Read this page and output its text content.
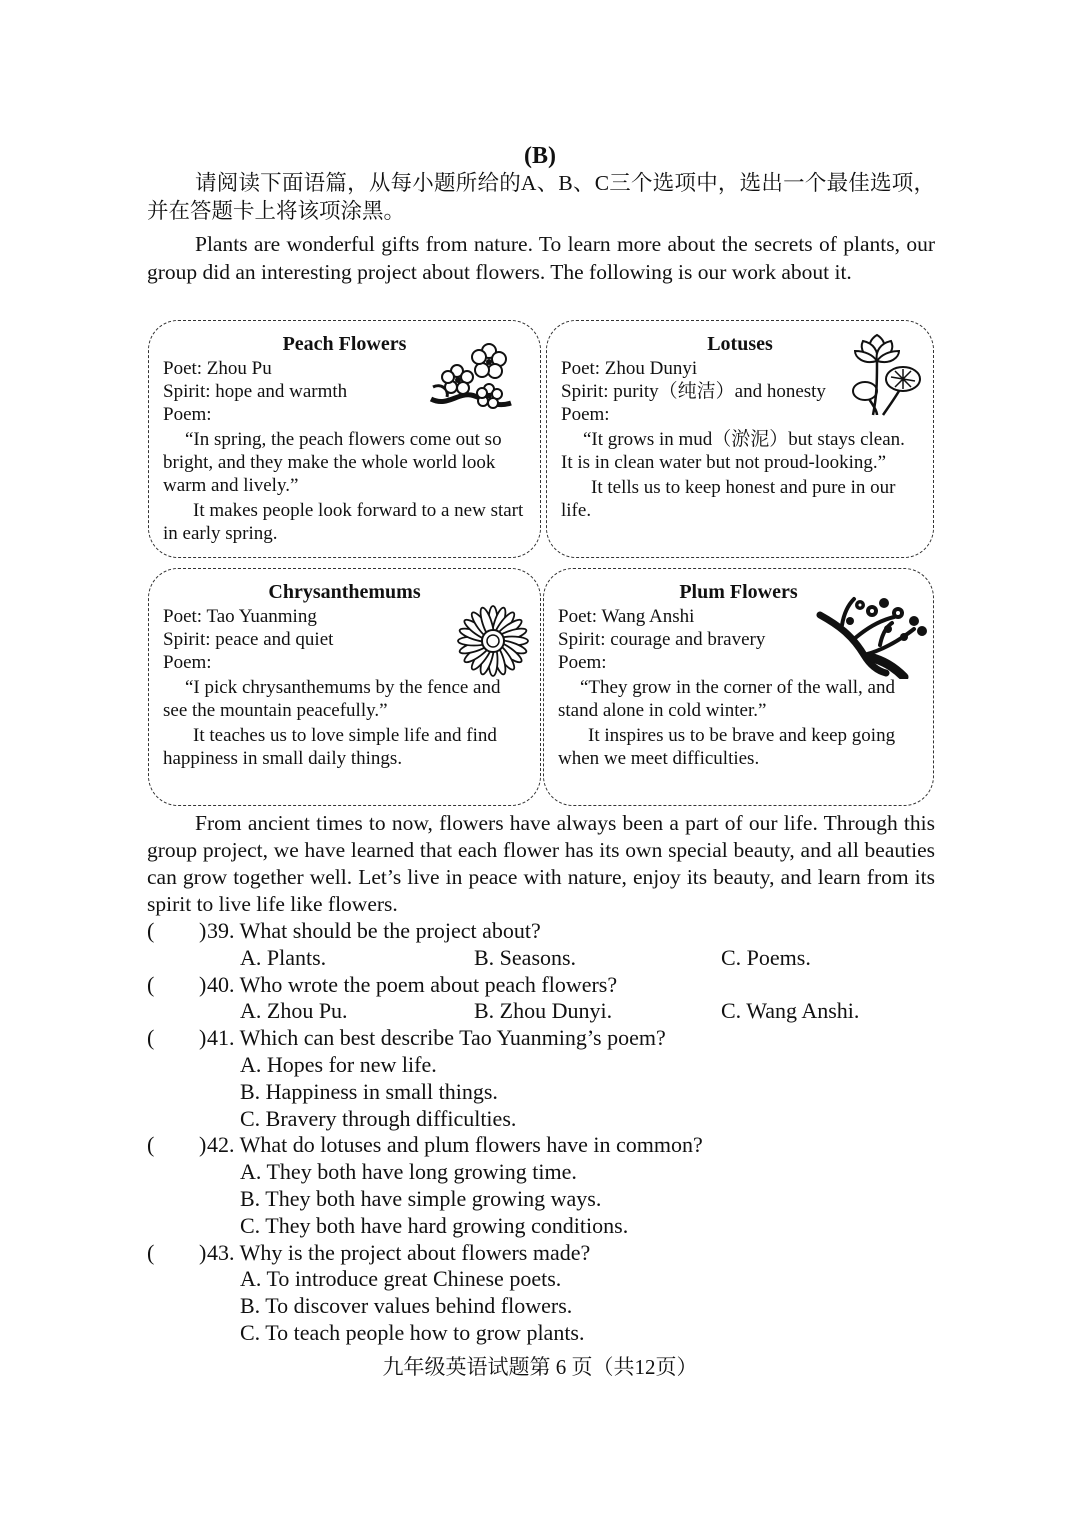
(B)
请阅读下面语篇，从每小题所给的A、B、C三个选项中，选出一个最佳选项，并在答题卡上将该项涂黑。
Plants are wonderful gifts from nature. To learn more about the secrets of plants, our group did an interesting project about flowers. The following is our work about it.
Peach Flowers
Poet: Zhou Pu
Spirit: hope and warmth
Poem:
“In spring, the peach flowers come out so bright, and they make the whole world look warm and lively.”
It makes people look forward to a new start in early spring.
Lotuses
Poet: Zhou Dunyi
Spirit: purity（纯洁）and honesty
Poem:
“It grows in mud（淤泥）but stays clean. It is in clean water but not proud-looking.”
It tells us to keep honest and pure in our life.
Chrysanthemums
Poet: Tao Yuanming
Spirit: peace and quiet
Poem:
“I pick chrysanthemums by the fence and see the mountain peacefully.”
It teaches us to love simple life and find happiness in small daily things.
Plum Flowers
Poet: Wang Anshi
Spirit: courage and bravery
Poem:
“They grow in the corner of the wall, and stand alone in cold winter.”
It inspires us to be brave and keep going when we meet difficulties.
From ancient times to now, flowers have always been a part of our life. Through this group project, we have learned that each flower has its own special beauty, and all beauties can grow together well. Let’s live in peace with nature, enjoy its beauty, and learn from its spirit to live life like flowers.
( ) 39. What should be the project about?
A. Plants.	B. Seasons.	C. Poems.
( ) 40. Who wrote the poem about peach flowers?
A. Zhou Pu.	B. Zhou Dunyi.	C. Wang Anshi.
( ) 41. Which can best describe Tao Yuanming’s poem?
A. Hopes for new life.
B. Happiness in small things.
C. Bravery through difficulties.
( ) 42. What do lotuses and plum flowers have in common?
A. They both have long growing time.
B. They both have simple growing ways.
C. They both have hard growing conditions.
( ) 43. Why is the project about flowers made?
A. To introduce great Chinese poets.
B. To discover values behind flowers.
C. To teach people how to grow plants.
九年级英语试题第 6 页（共12页）
